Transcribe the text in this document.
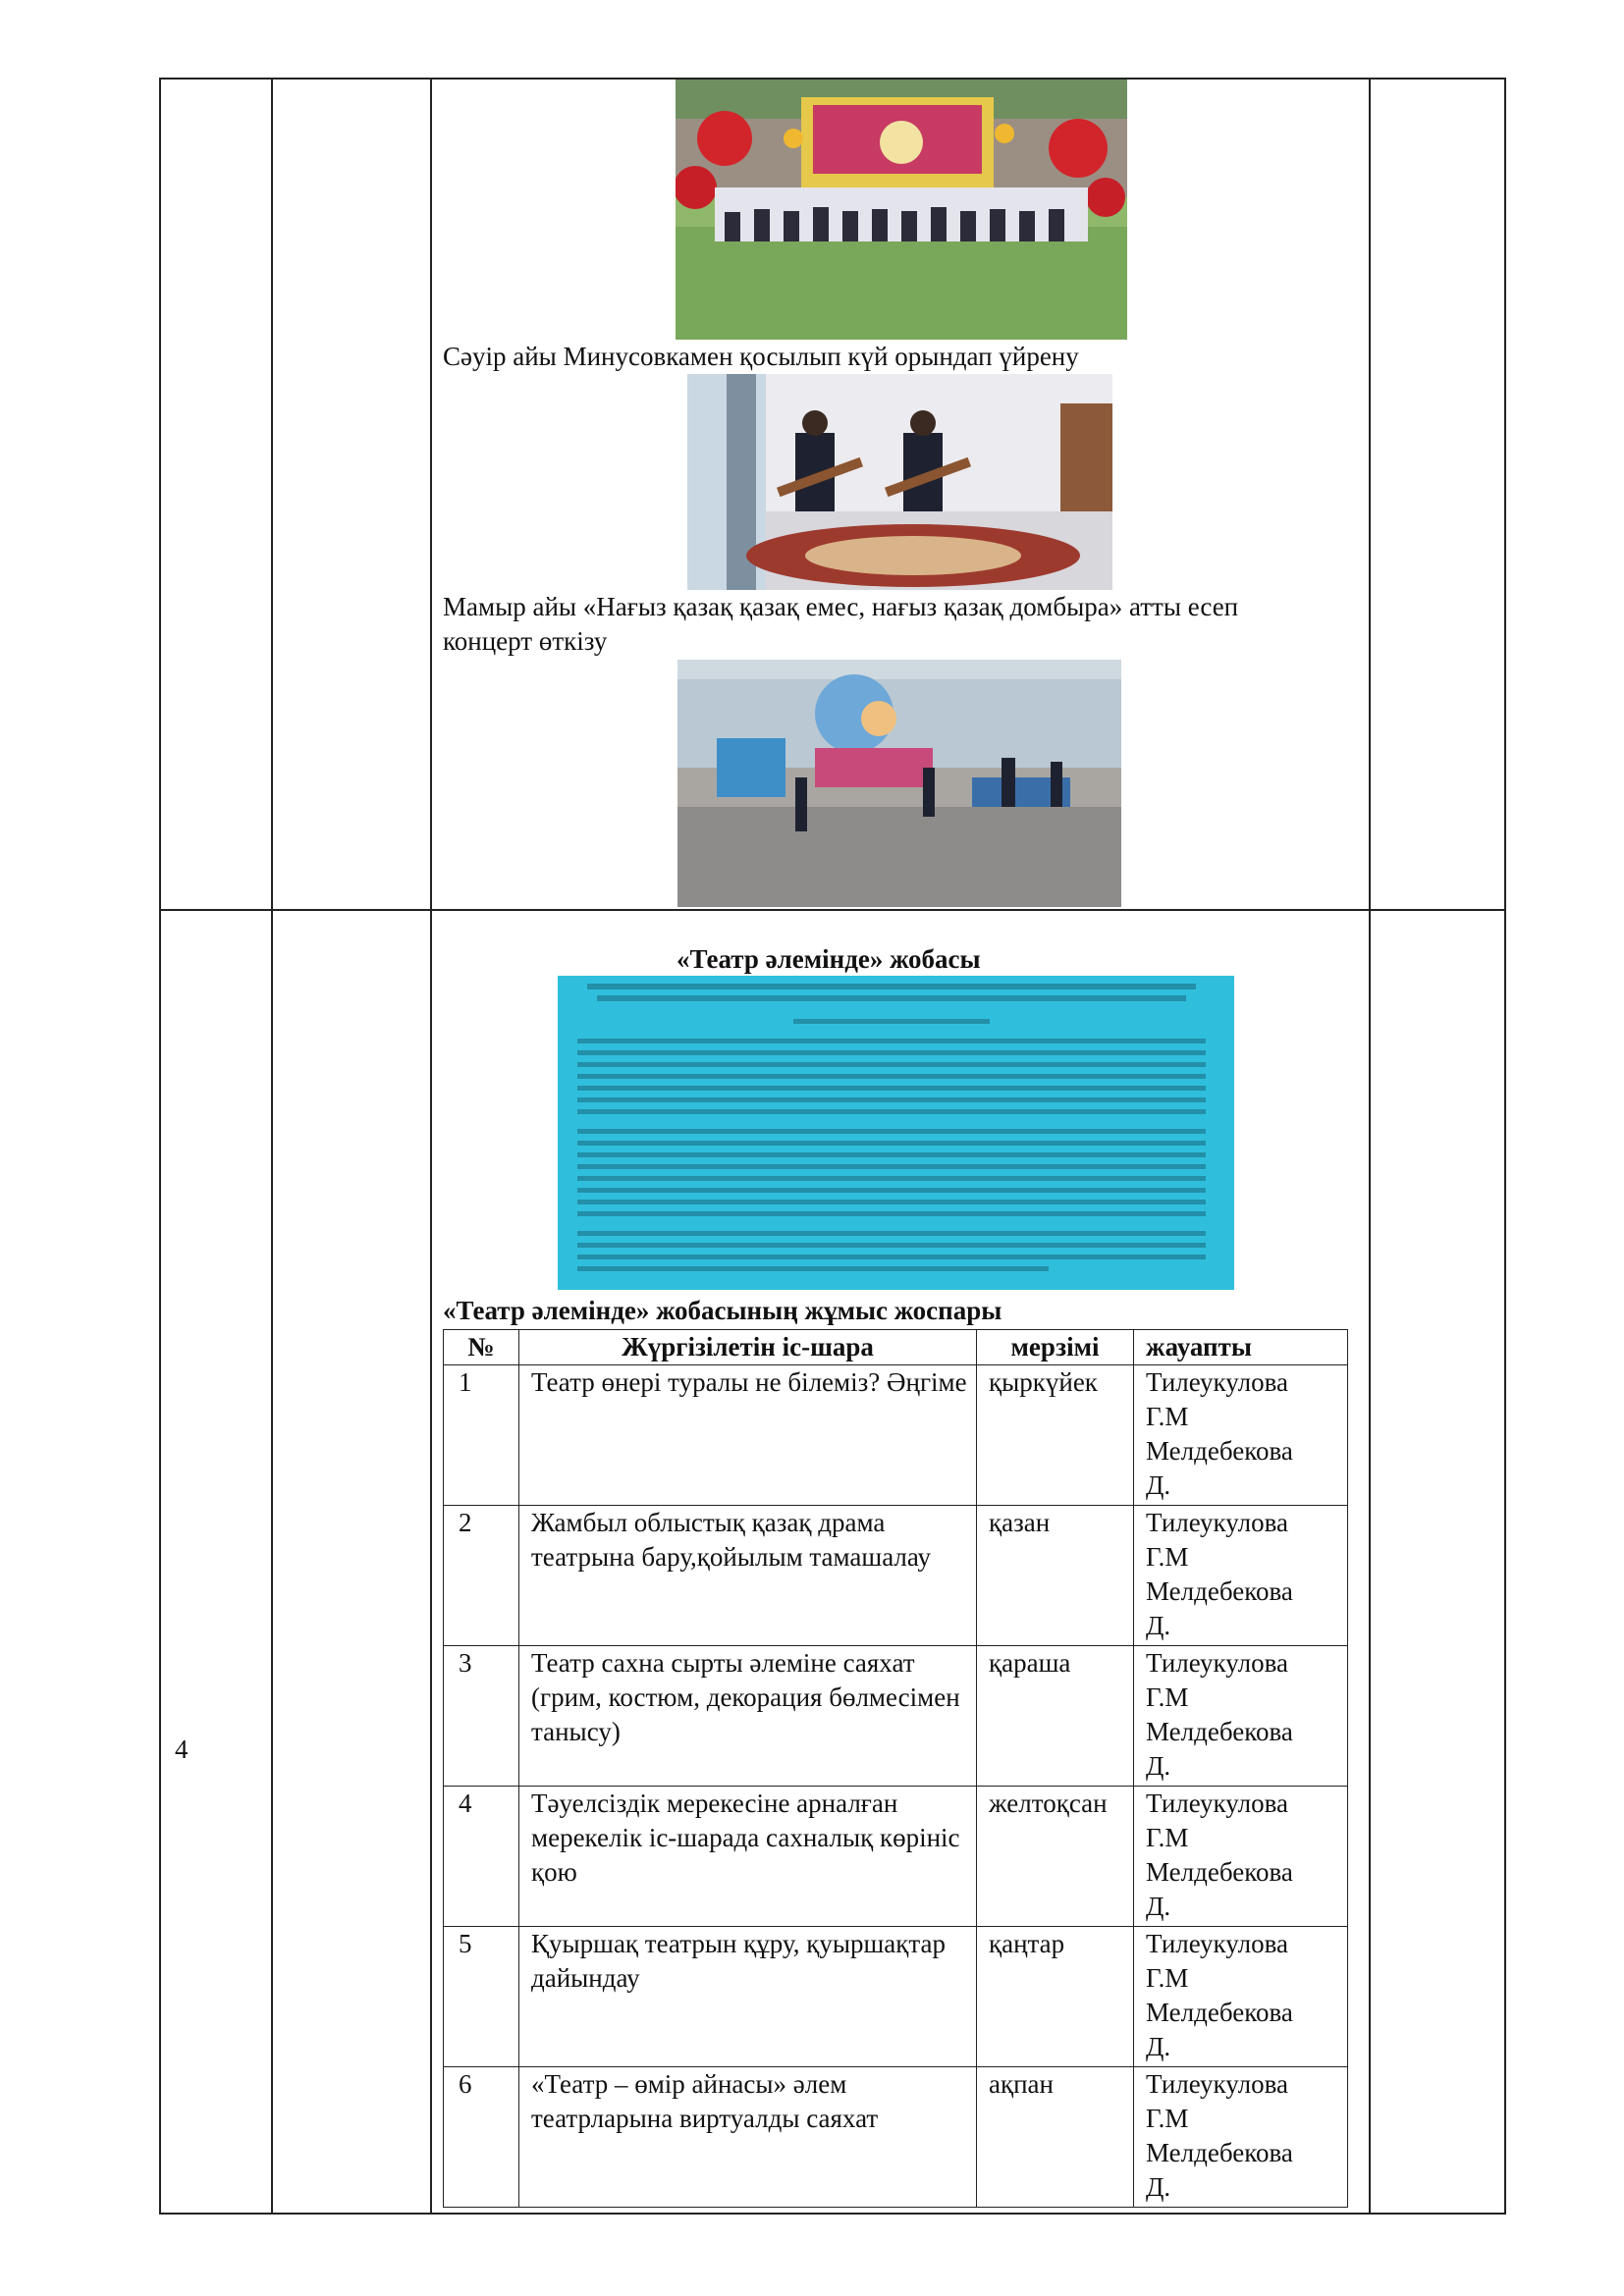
Сәуір айы Минусовкамен қосылып күй орындап үйрену
Мамыр айы «Нағыз қазақ қазақ емес, нағыз қазақ домбыра» атты есеп концерт өткізу
4
«Театр әлемінде» жобасы
«Театр әлемінде» жобасының жұмыс жоспары
№	Жүргізілетін іс-шара	мерзімі	жауапты
1	Театр өнері туралы не білеміз? Әңгіме	қыркүйек	Тилеукулова
Г.М
Мелдебекова
Д.

2	Жамбыл облыстық қазақ драма театрына бару,қойылым тамашалау	қазан	Тилеукулова
Г.М
Мелдебекова
Д.

3	Театр сахна сырты әлеміне саяхат (грим, костюм, декорация бөлмесімен танысу)	қараша	Тилеукулова
Г.М
Мелдебекова
Д.

4	Тәуелсіздік мерекесіне арналған мерекелік іс-шарада сахналық көрініс қою	желтоқсан	Тилеукулова
Г.М
Мелдебекова
Д.

5	Қуыршақ театрын құру, қуыршақтар дайындау	қаңтар	Тилеукулова
Г.М
Мелдебекова
Д.

6	«Театр – өмір айнасы» әлем театрларына виртуалды саяхат	ақпан	Тилеукулова
Г.М
Мелдебекова
Д.
